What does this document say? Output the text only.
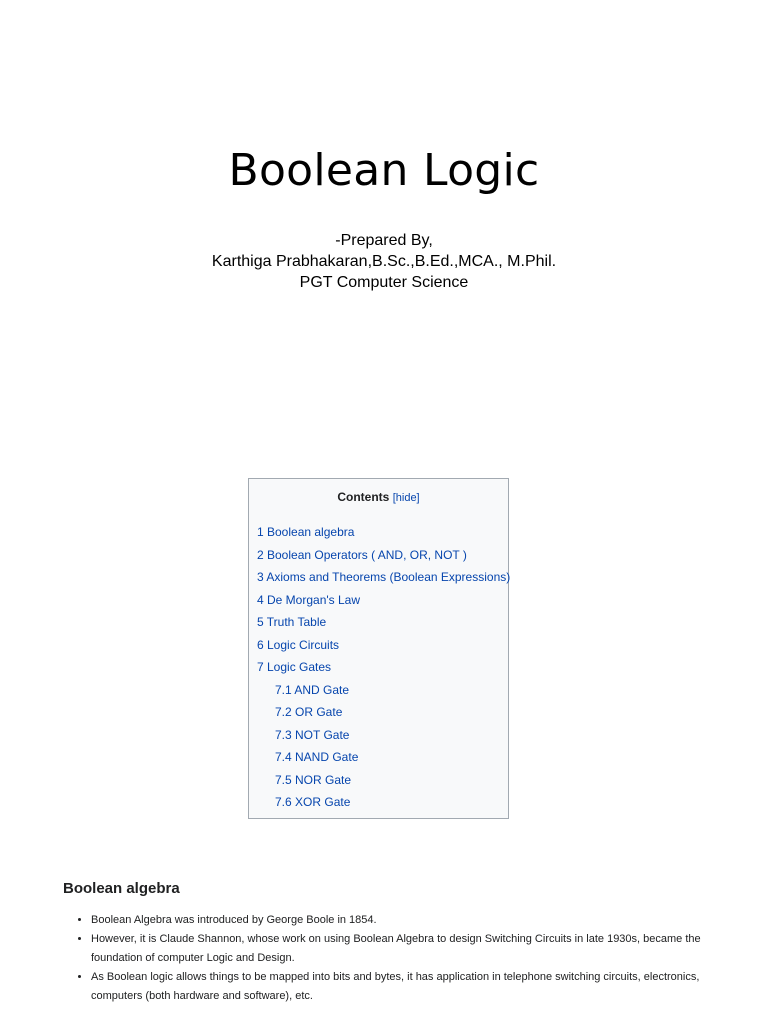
Boolean Logic
-Prepared By,
Karthiga Prabhakaran,B.Sc.,B.Ed.,MCA., M.Phil.
PGT Computer Science
Contents [hide]
1 Boolean algebra
2 Boolean Operators ( AND, OR, NOT )
3 Axioms and Theorems (Boolean Expressions)
4 De Morgan's Law
5 Truth Table
6 Logic Circuits
7 Logic Gates
7.1 AND Gate
7.2 OR Gate
7.3 NOT Gate
7.4 NAND Gate
7.5 NOR Gate
7.6 XOR Gate
Boolean algebra
• Boolean Algebra was introduced by George Boole in 1854.
• However, it is Claude Shannon, whose work on using Boolean Algebra to design Switching Circuits in late 1930s, became the foundation of computer Logic and Design.
• As Boolean logic allows things to be mapped into bits and bytes, it has application in telephone switching circuits, electronics, computers (both hardware and software), etc.
